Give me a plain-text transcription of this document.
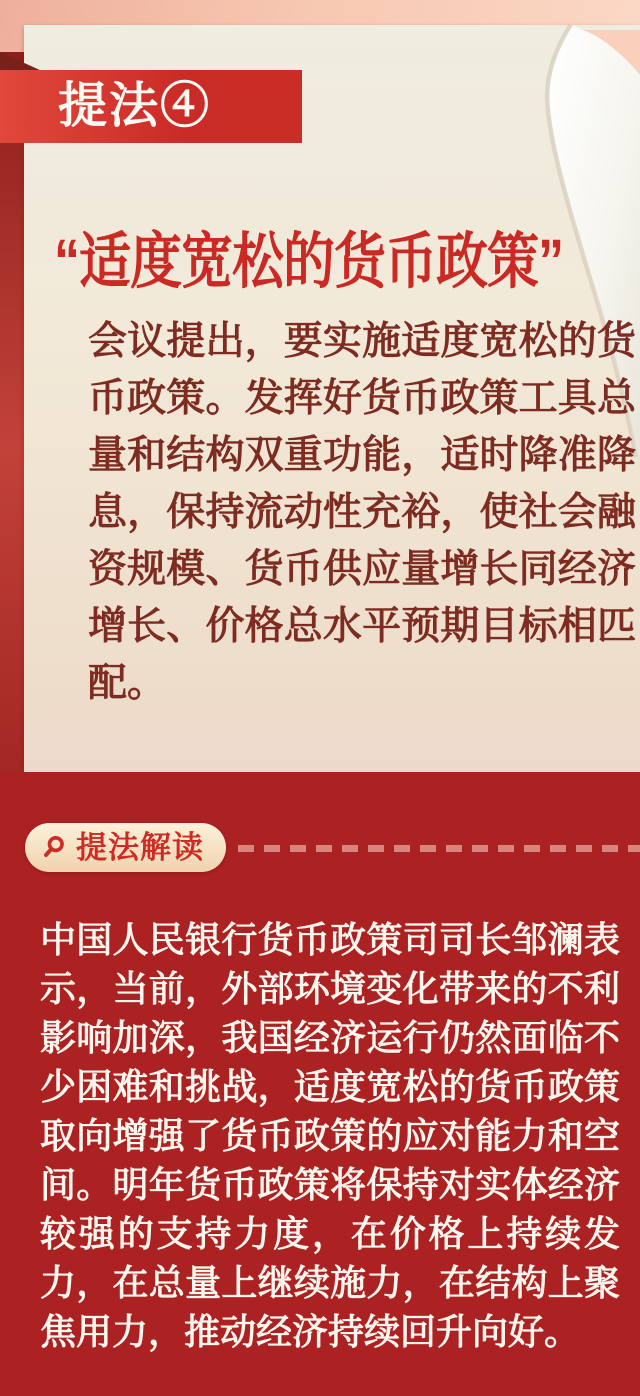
“适度宽松的货币政策”
会议提出，要实施适度宽松的货币政策。发挥好货币政策工具总量和结构双重功能，适时降准降息，保持流动性充裕，使社会融资规模、货币供应量增长同经济增长、价格总水平预期目标相匹配。
提法④
提法解读
中国人民银行货币政策司司长邹澜表示，当前，外部环境变化带来的不利影响加深，我国经济运行仍然面临不少困难和挑战，适度宽松的货币政策取向增强了货币政策的应对能力和空间。明年货币政策将保持对实体经济较强的支持力度，在价格上持续发力，在总量上继续施力，在结构上聚焦用力，推动经济持续回升向好。
